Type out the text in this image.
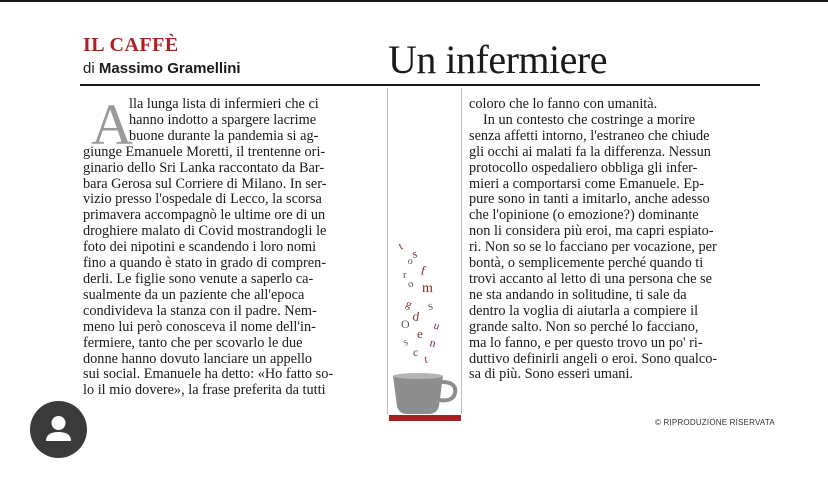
IL CAFFÈ
di Massimo Gramellini	Un infermiere
A
lla lunga lista di infermieri che ci
hanno indotto a spargere lacrime
buone durante la pandemia si ag-
giunge Emanuele Moretti, il trentenne ori-
ginario dello Sri Lanka raccontato da Bar-
bara Gerosa sul Corriere di Milano. In ser-
vizio presso l'ospedale di Lecco, la scorsa
primavera accompagnò le ultime ore di un
droghiere malato di Covid mostrandogli le
foto dei nipotini e scandendo i loro nomi
fino a quando è stato in grado di compren-
derli. Le figlie sono venute a saperlo ca-
sualmente da un paziente che all'epoca
condivideva la stanza con il padre. Nem-
meno lui però conosceva il nome dell'in-
fermiere, tanto che per scovarlo le due
donne hanno dovuto lanciare un appello
sui social. Emanuele ha detto: «Ho fatto so-
lo il mio dovere», la frase preferita da tutti
t
o
s
r f
o m
g s
d
O u
e
s n
c
t
coloro che lo fanno con umanità.
In un contesto che costringe a morire
senza affetti intorno, l'estraneo che chiude
gli occhi ai malati fa la differenza. Nessun
protocollo ospedaliero obbliga gli infer-
mieri a comportarsi come Emanuele. Ep-
pure sono in tanti a imitarlo, anche adesso
che l'opinione (o emozione?) dominante
non li considera più eroi, ma capri espiato-
ri. Non so se lo facciano per vocazione, per
bontà, o semplicemente perché quando ti
trovi accanto al letto di una persona che se
ne sta andando in solitudine, ti sale da
dentro la voglia di aiutarla a compiere il
grande salto. Non so perché lo facciano,
ma lo fanno, e per questo trovo un po' ri-
duttivo definirli angeli o eroi. Sono qualco-
sa di più. Sono esseri umani.
© RIPRODUZIONE RISERVATA
